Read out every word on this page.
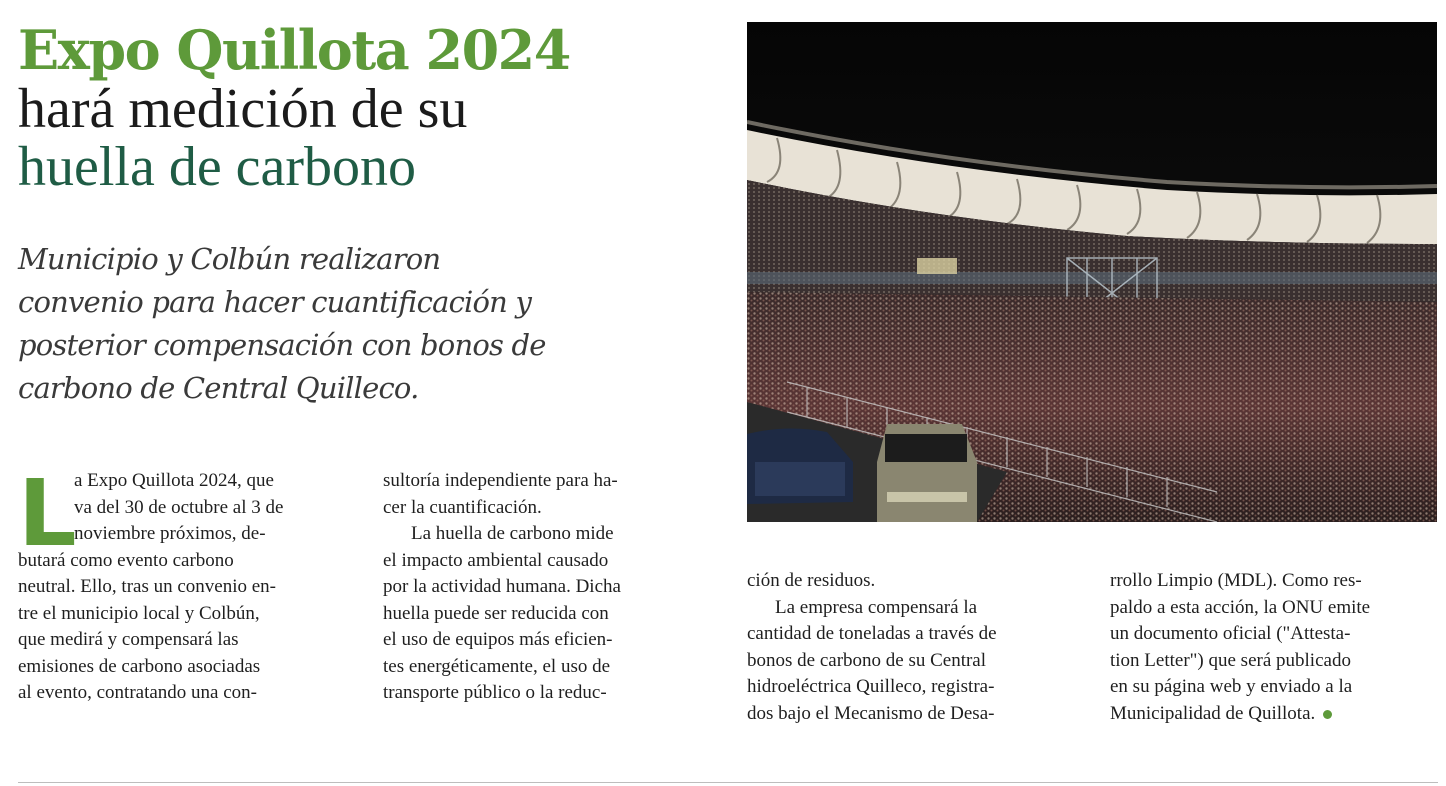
Expo Quillota 2024
hará medición de su
huella de carbono
Municipio y Colbún realizaron
convenio para hacer cuantificación y
posterior compensación con bonos de
carbono de Central Quilleco.
L
a Expo Quillota 2024, que
va del 30 de octubre al 3 de
noviembre próximos, de-
butará como evento carbono
neutral. Ello, tras un convenio en-
tre el municipio local y Colbún,
que medirá y compensará las
emisiones de carbono asociadas
al evento, contratando una con-
sultoría independiente para ha-
cer la cuantificación.
La huella de carbono mide
el impacto ambiental causado
por la actividad humana. Dicha
huella puede ser reducida con
el uso de equipos más eficien-
tes energéticamente, el uso de
transporte público o la reduc-
ción de residuos.
La empresa compensará la
cantidad de toneladas a través de
bonos de carbono de su Central
hidroeléctrica Quilleco, registra-
dos bajo el Mecanismo de Desa-
rrollo Limpio (MDL). Como res-
paldo a esta acción, la ONU emite
un documento oficial ("Attesta-
tion Letter") que será publicado
en su página web y enviado a la
Municipalidad de Quillota.
